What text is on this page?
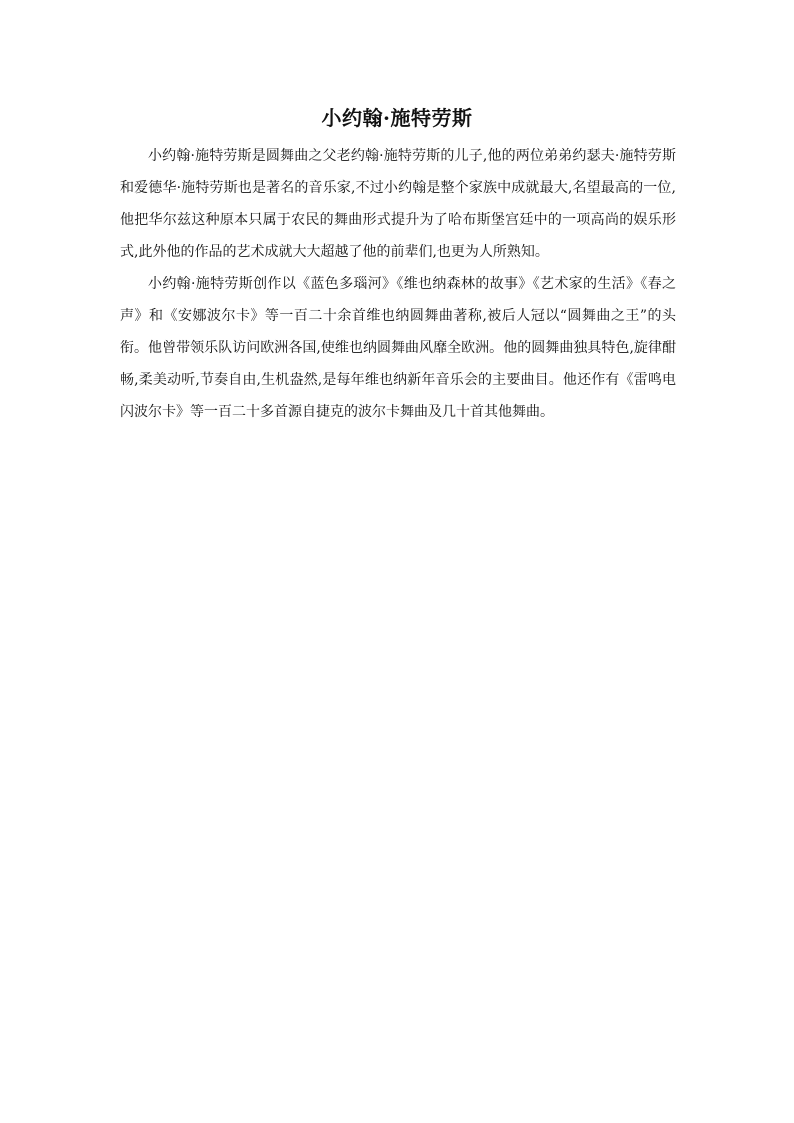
小约翰·施特劳斯

小约翰·施特劳斯是圆舞曲之父老约翰·施特劳斯的儿子,他的两位弟弟约瑟夫·施特劳斯和爱德华·施特劳斯也是著名的音乐家,不过小约翰是整个家族中成就最大,名望最高的一位,他把华尔兹这种原本只属于农民的舞曲形式提升为了哈布斯堡宫廷中的一项高尚的娱乐形式,此外他的作品的艺术成就大大超越了他的前辈们,也更为人所熟知。

小约翰·施特劳斯创作以《蓝色多瑙河》《维也纳森林的故事》《艺术家的生活》《春之声》和《安娜波尔卡》等一百二十余首维也纳圆舞曲著称,被后人冠以“圆舞曲之王”的头衔。他曾带领乐队访问欧洲各国,使维也纳圆舞曲风靡全欧洲。他的圆舞曲独具特色,旋律酣畅,柔美动听,节奏自由,生机盎然,是每年维也纳新年音乐会的主要曲目。他还作有《雷鸣电闪波尔卡》等一百二十多首源自捷克的波尔卡舞曲及几十首其他舞曲。
